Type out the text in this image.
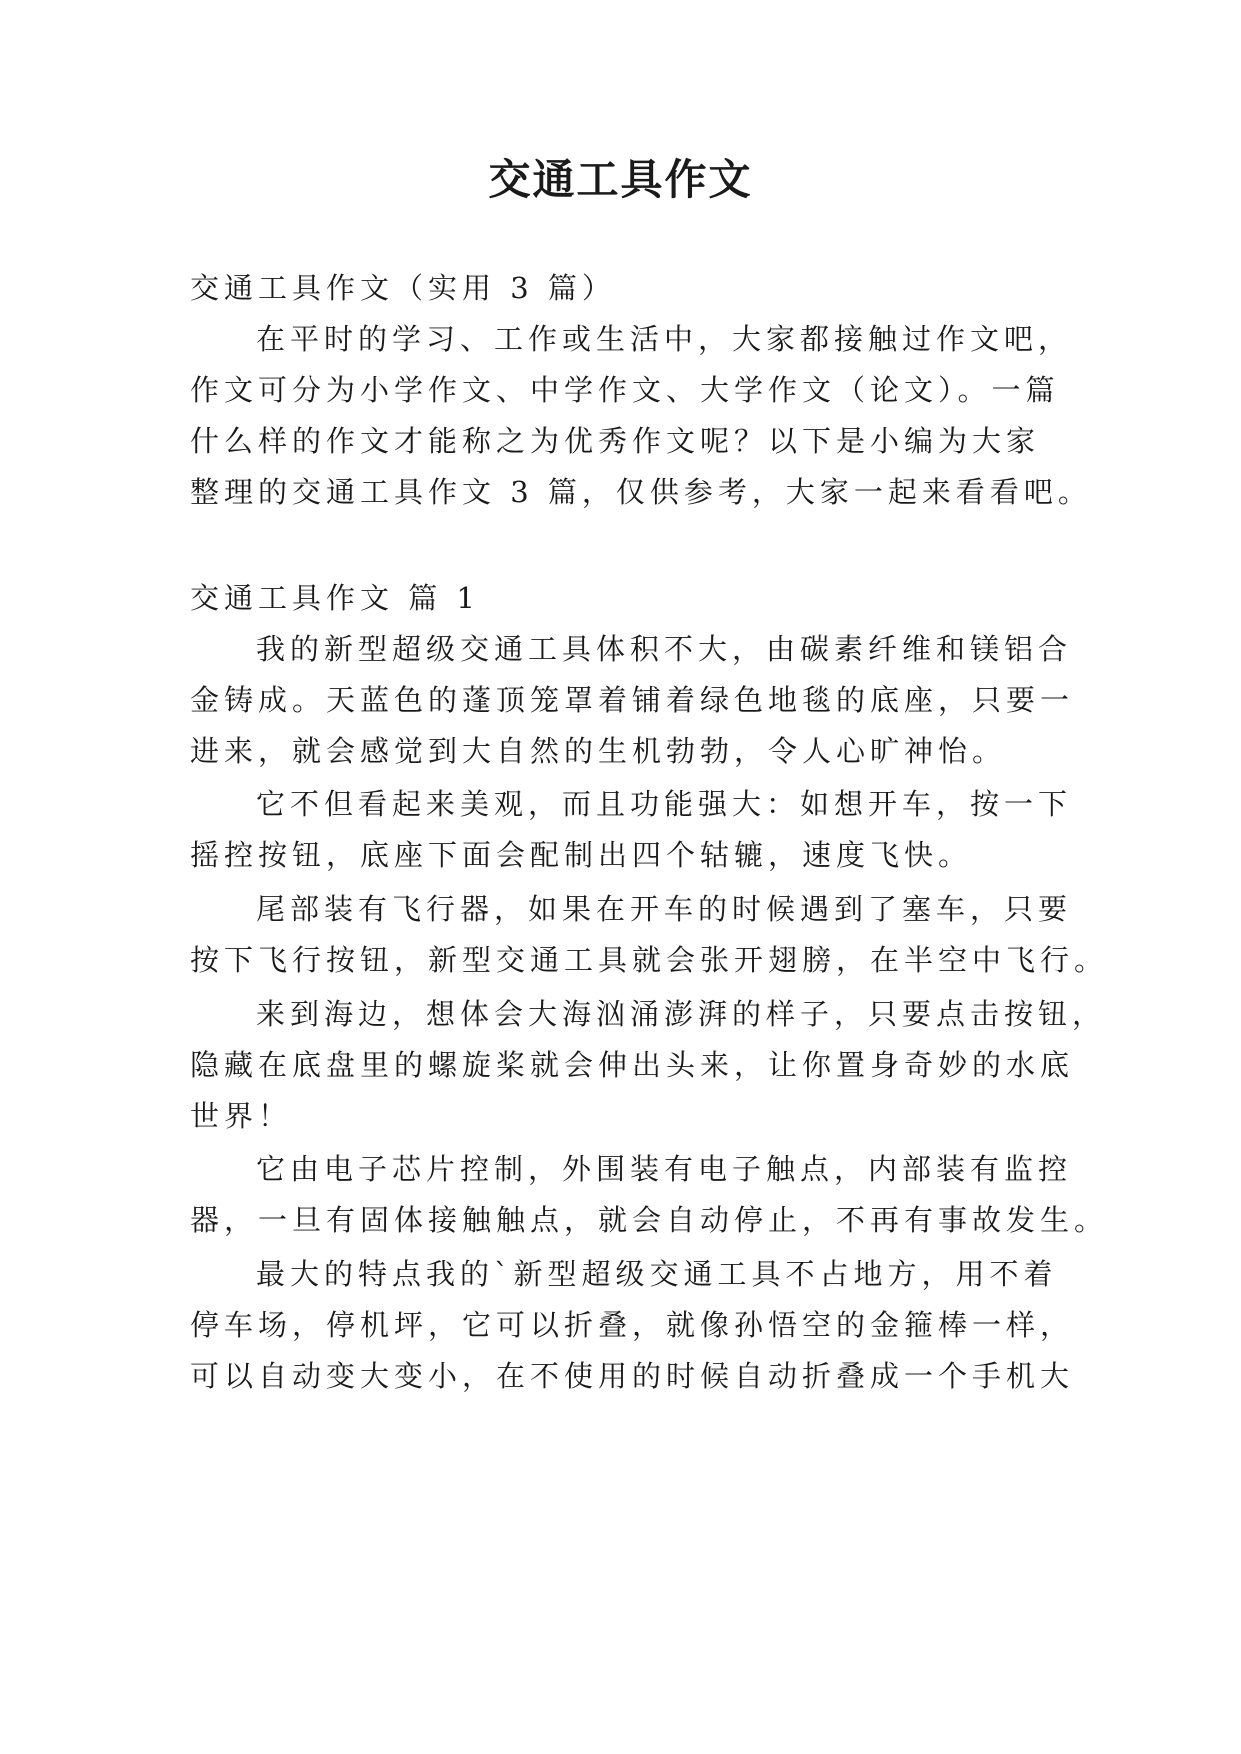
交通工具作文

交通工具作文（实用 3 篇）

在平时的学习、工作或生活中，大家都接触过作文吧，

作文可分为小学作文、中学作文、大学作文（论文）。一篇

什么样的作文才能称之为优秀作文呢？以下是小编为大家

整理的交通工具作文 3 篇，仅供参考，大家一起来看看吧。

交通工具作文 篇 1

我的新型超级交通工具体积不大，由碳素纤维和镁铝合

金铸成。天蓝色的蓬顶笼罩着铺着绿色地毯的底座，只要一

进来，就会感觉到大自然的生机勃勃，令人心旷神怡。

它不但看起来美观，而且功能强大：如想开车，按一下

摇控按钮，底座下面会配制出四个轱辘，速度飞快。

尾部装有飞行器，如果在开车的时候遇到了塞车，只要

按下飞行按钮，新型交通工具就会张开翅膀，在半空中飞行。

来到海边，想体会大海汹涌澎湃的样子，只要点击按钮，

隐藏在底盘里的螺旋桨就会伸出头来，让你置身奇妙的水底

世界！

它由电子芯片控制，外围装有电子触点，内部装有监控

器，一旦有固体接触触点，就会自动停止，不再有事故发生。

最大的特点我的`新型超级交通工具不占地方，用不着

停车场，停机坪，它可以折叠，就像孙悟空的金箍棒一样，

可以自动变大变小，在不使用的时候自动折叠成一个手机大
